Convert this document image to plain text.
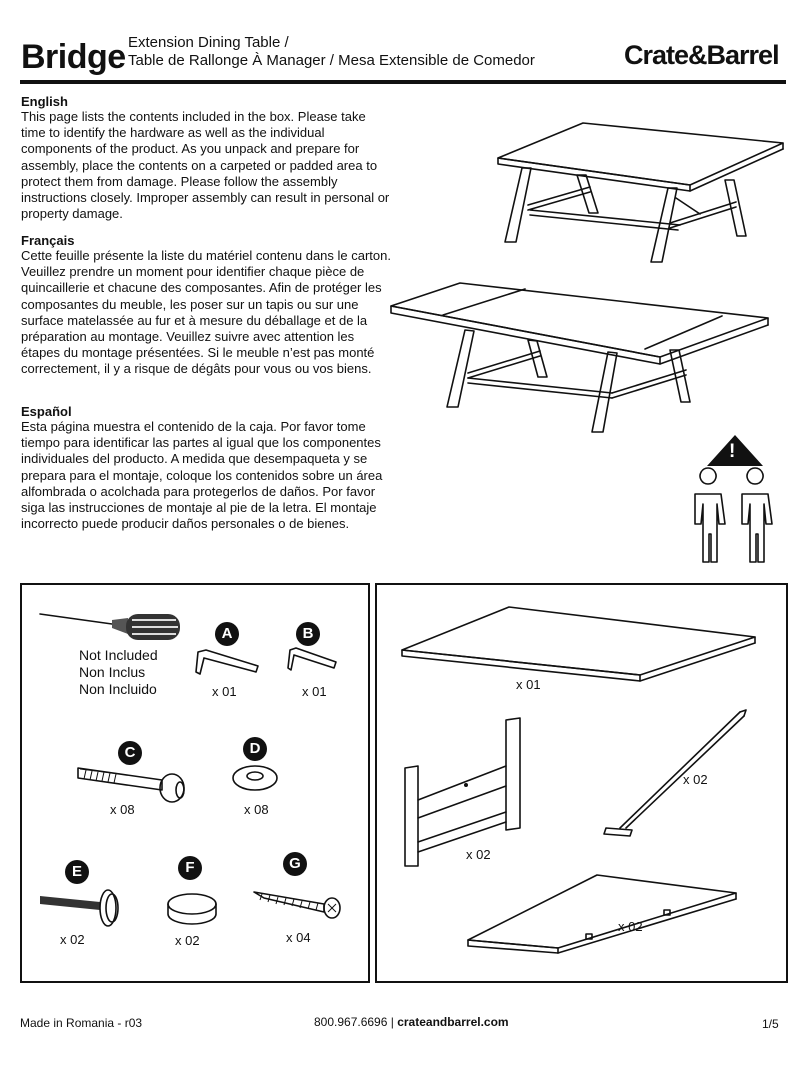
Bridge Extension Dining Table /
Table de Rallonge À Manager / Mesa Extensible de Comedor	Crate&Barrel
English
This page lists the contents included in the box. Please take time to identify the hardware as well as the individual components of the product. As you unpack and prepare for assembly, place the contents on a carpeted or padded area to protect them from damage. Please follow the assembly instructions closely. Improper assembly can result in personal or property damage.
Français
Cette feuille présente la liste du matériel contenu dans le carton. Veuillez prendre un moment pour identifier chaque pièce de quincaillerie et chacune des composantes. Afin de protéger les composantes du meuble, les poser sur un tapis ou sur une surface matelassée au fur et à mesure du déballage et de la préparation au montage. Veuillez suivre avec attention les étapes du montage présentées. Si le meuble n’est pas monté correctement, il y a risque de dégâts pour vous ou vos biens.
Español
Esta página muestra el contenido de la caja. Por favor tome tiempo para identificar las partes al igual que los componentes individuales del producto. A medida que desempaqueta y se prepara para el montaje, coloque los contenidos sobre un área alfombrada o acolchada para protegerlos de daños. Por favor siga las instrucciones de montaje al pie de la letra. El montaje incorrecto puede producir daños personales o de bienes.
!
Not Included
Non Inclus
Non Incluido
A
x 01
B
x 01
C
x 08
D
x 08
E
x 02
F
x 02
G
x 04
x 01
x 02
x 02
x 02
Made in Romania - r03	800.967.6696 | crateandbarrel.com	1/5
